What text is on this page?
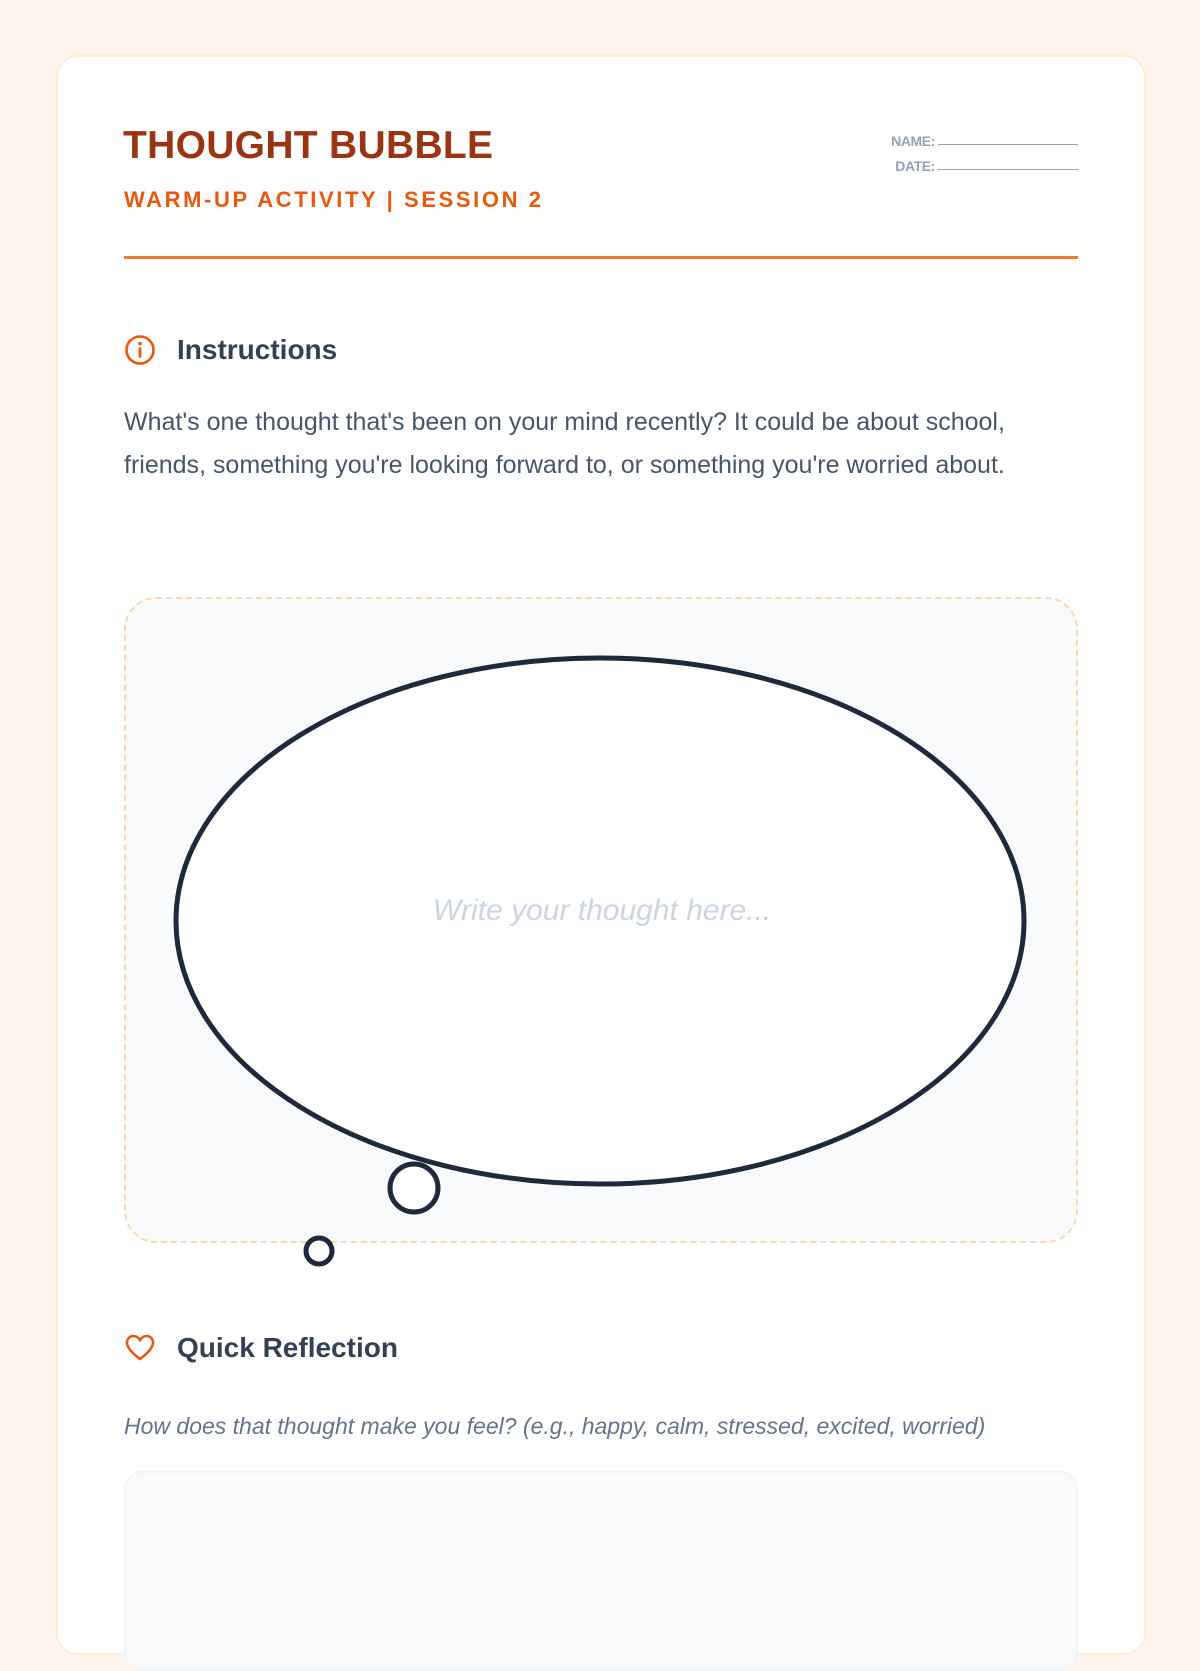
THOUGHT BUBBLE
WARM-UP ACTIVITY | SESSION 2
NAME:
DATE:
Instructions

What's one thought that's been on your mind recently? It could be about school, friends, something you're looking forward to, or something you're worried about.

Write your thought here...
Quick Reflection
How does that thought make you feel? (e.g., happy, calm, stressed, excited, worried)
